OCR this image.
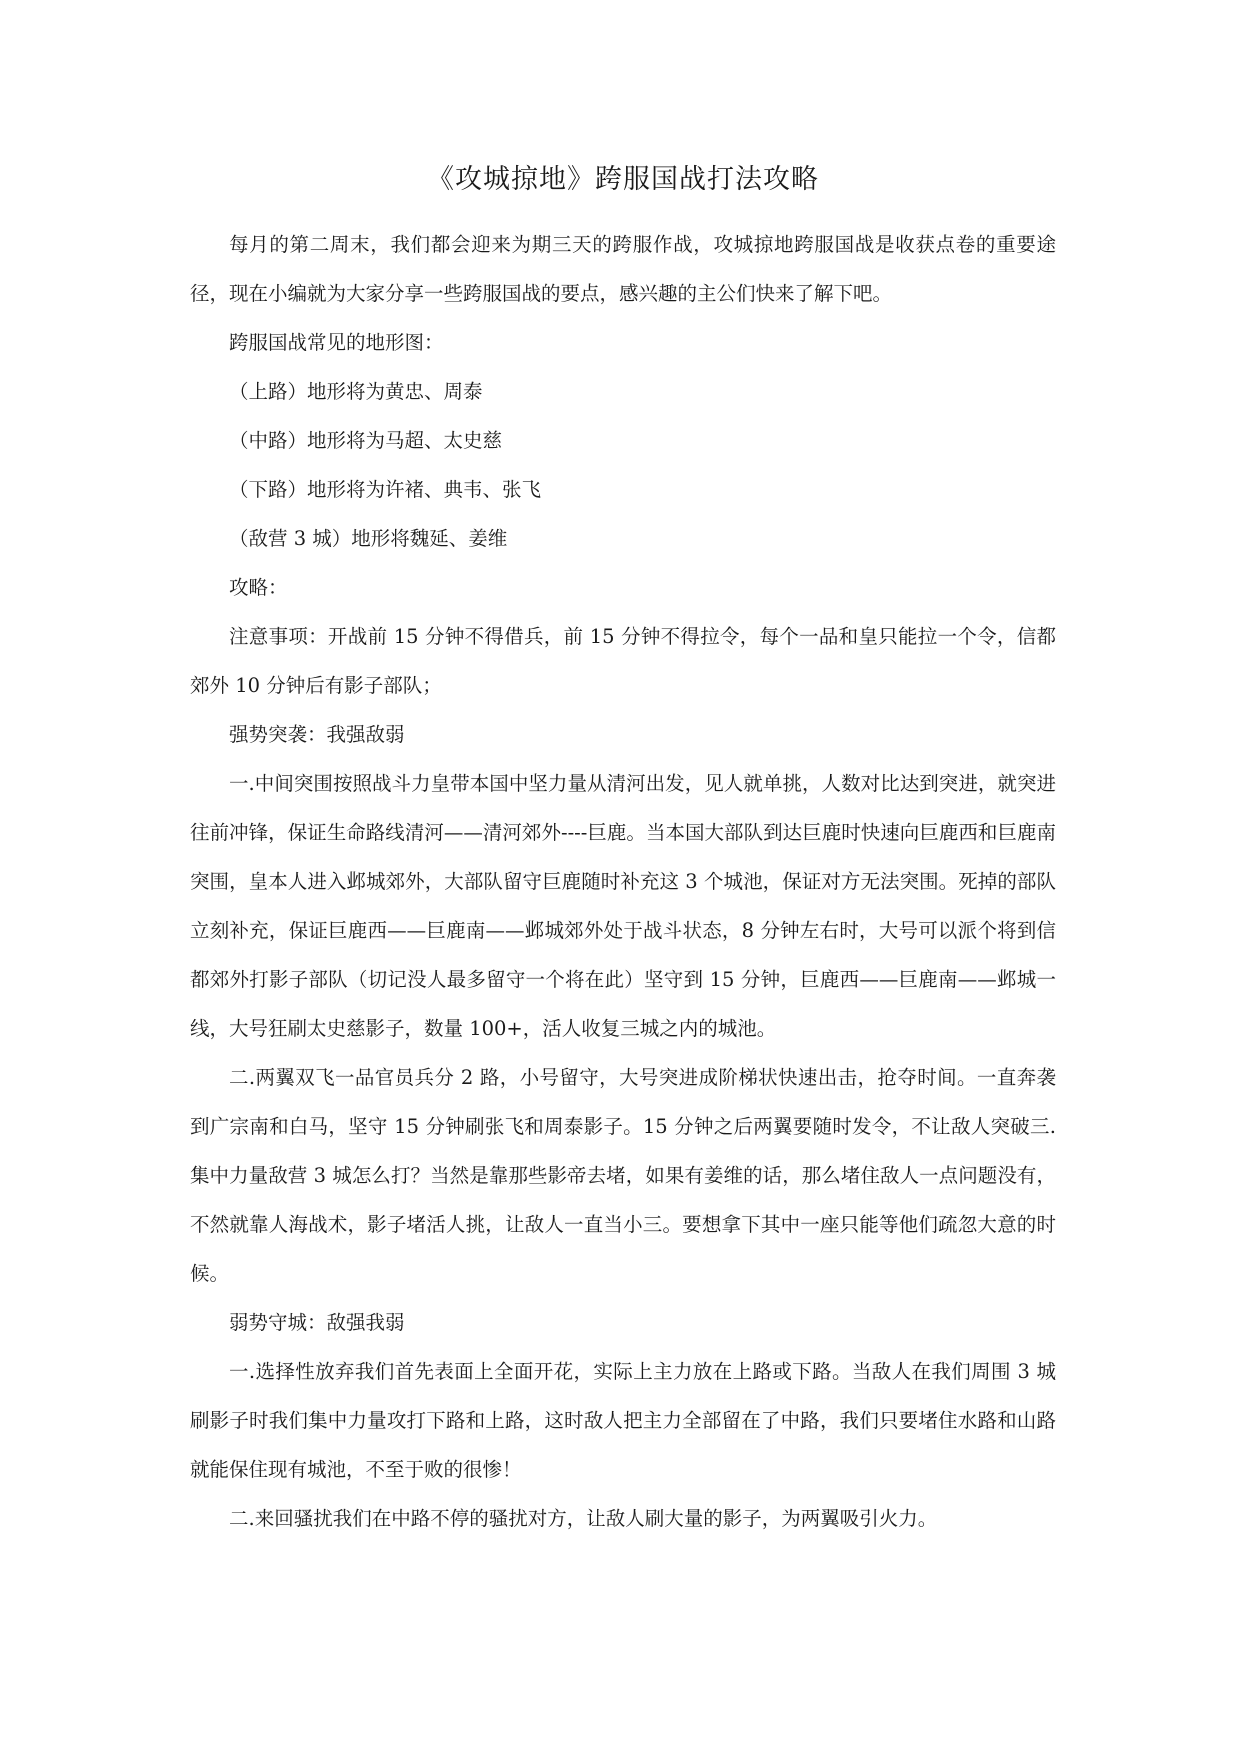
《攻城掠地》跨服国战打法攻略

每月的第二周末，我们都会迎来为期三天的跨服作战，攻城掠地跨服国战是收获点卷的重要途径，现在小编就为大家分享一些跨服国战的要点，感兴趣的主公们快来了解下吧。

跨服国战常见的地形图：

（上路）地形将为黄忠、周泰

（中路）地形将为马超、太史慈

（下路）地形将为许褚、典韦、张飞

（敌营 3 城）地形将魏延、姜维

攻略：

注意事项：开战前 15 分钟不得借兵，前 15 分钟不得拉令，每个一品和皇只能拉一个令，信都郊外 10 分钟后有影子部队；

强势突袭：我强敌弱

一.中间突围按照战斗力皇带本国中坚力量从清河出发，见人就单挑，人数对比达到突进，就突进往前冲锋，保证生命路线清河——清河郊外----巨鹿。当本国大部队到达巨鹿时快速向巨鹿西和巨鹿南突围，皇本人进入邺城郊外，大部队留守巨鹿随时补充这 3 个城池，保证对方无法突围。死掉的部队立刻补充，保证巨鹿西——巨鹿南——邺城郊外处于战斗状态，8 分钟左右时，大号可以派个将到信都郊外打影子部队（切记没人最多留守一个将在此）坚守到 15 分钟，巨鹿西——巨鹿南——邺城一线，大号狂刷太史慈影子，数量 100+，活人收复三城之内的城池。

二.两翼双飞一品官员兵分 2 路，小号留守，大号突进成阶梯状快速出击，抢夺时间。一直奔袭到广宗南和白马，坚守 15 分钟刷张飞和周泰影子。15 分钟之后两翼要随时发令，不让敌人突破三.集中力量敌营 3 城怎么打？当然是靠那些影帝去堵，如果有姜维的话，那么堵住敌人一点问题没有，不然就靠人海战术，影子堵活人挑，让敌人一直当小三。要想拿下其中一座只能等他们疏忽大意的时候。

弱势守城：敌强我弱

一.选择性放弃我们首先表面上全面开花，实际上主力放在上路或下路。当敌人在我们周围 3 城刷影子时我们集中力量攻打下路和上路，这时敌人把主力全部留在了中路，我们只要堵住水路和山路就能保住现有城池，不至于败的很惨！

二.来回骚扰我们在中路不停的骚扰对方，让敌人刷大量的影子，为两翼吸引火力。
